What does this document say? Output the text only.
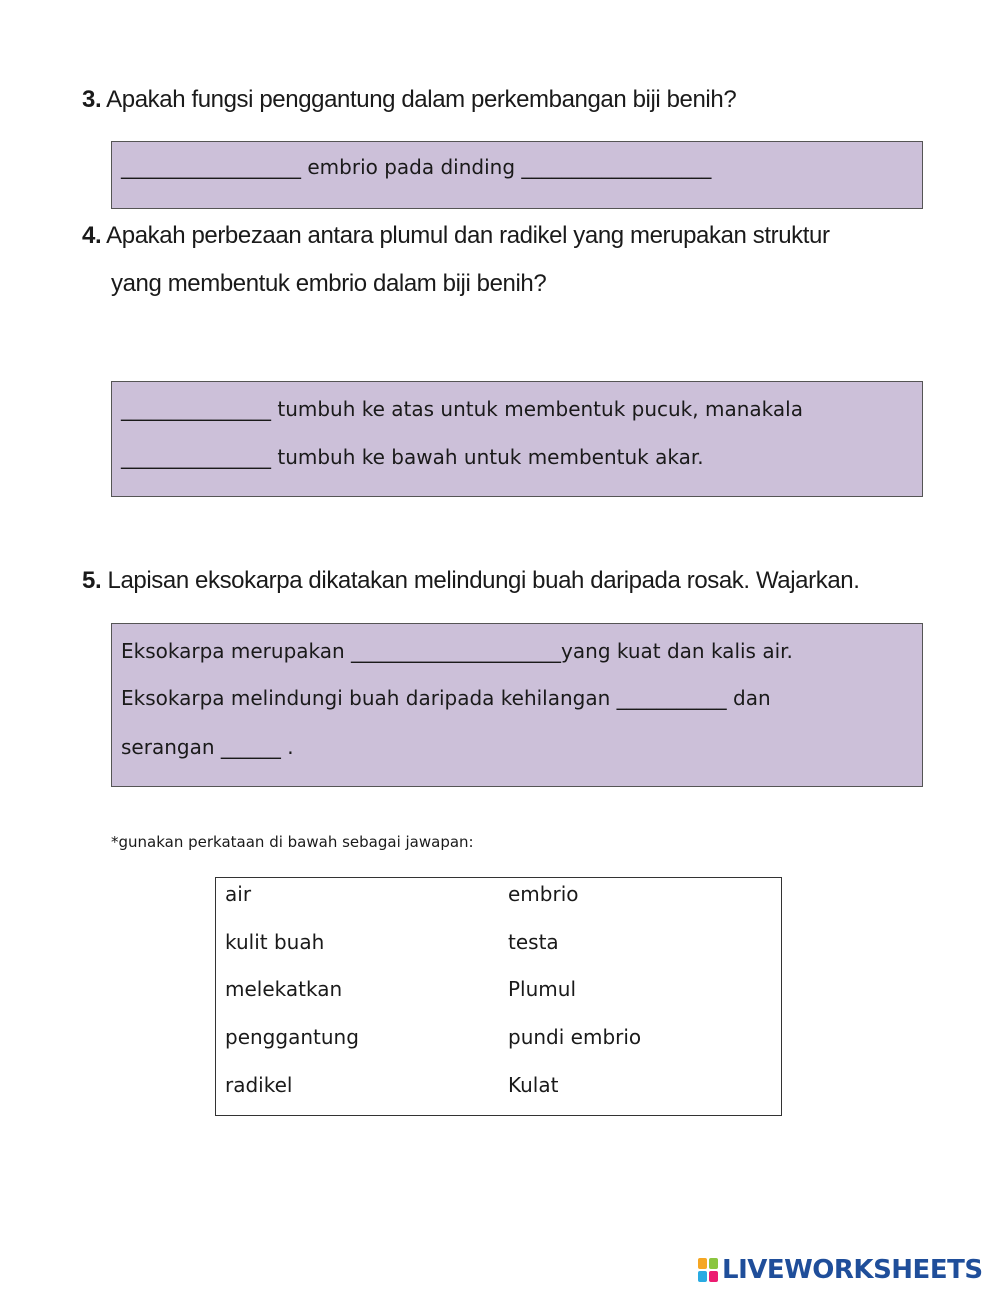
3. Apakah fungsi penggantung dalam perkembangan biji benih?
__________________ embrio pada dinding ___________________
4. Apakah perbezaan antara plumul dan radikel yang merupakan struktur
yang membentuk embrio dalam biji benih?
_______________ tumbuh ke atas untuk membentuk pucuk, manakala
_______________ tumbuh ke bawah untuk membentuk akar.
5. Lapisan eksokarpa dikatakan melindungi buah daripada rosak. Wajarkan.
Eksokarpa merupakan _____________________yang kuat dan kalis air.
Eksokarpa melindungi buah daripada kehilangan ___________ dan
serangan ______ .
*gunakan perkataan di bawah sebagai jawapan:
air
kulit buah
melekatkan
penggantung
radikel
embrio
testa
Plumul
pundi embrio
Kulat
LIVEWORKSHEETS
